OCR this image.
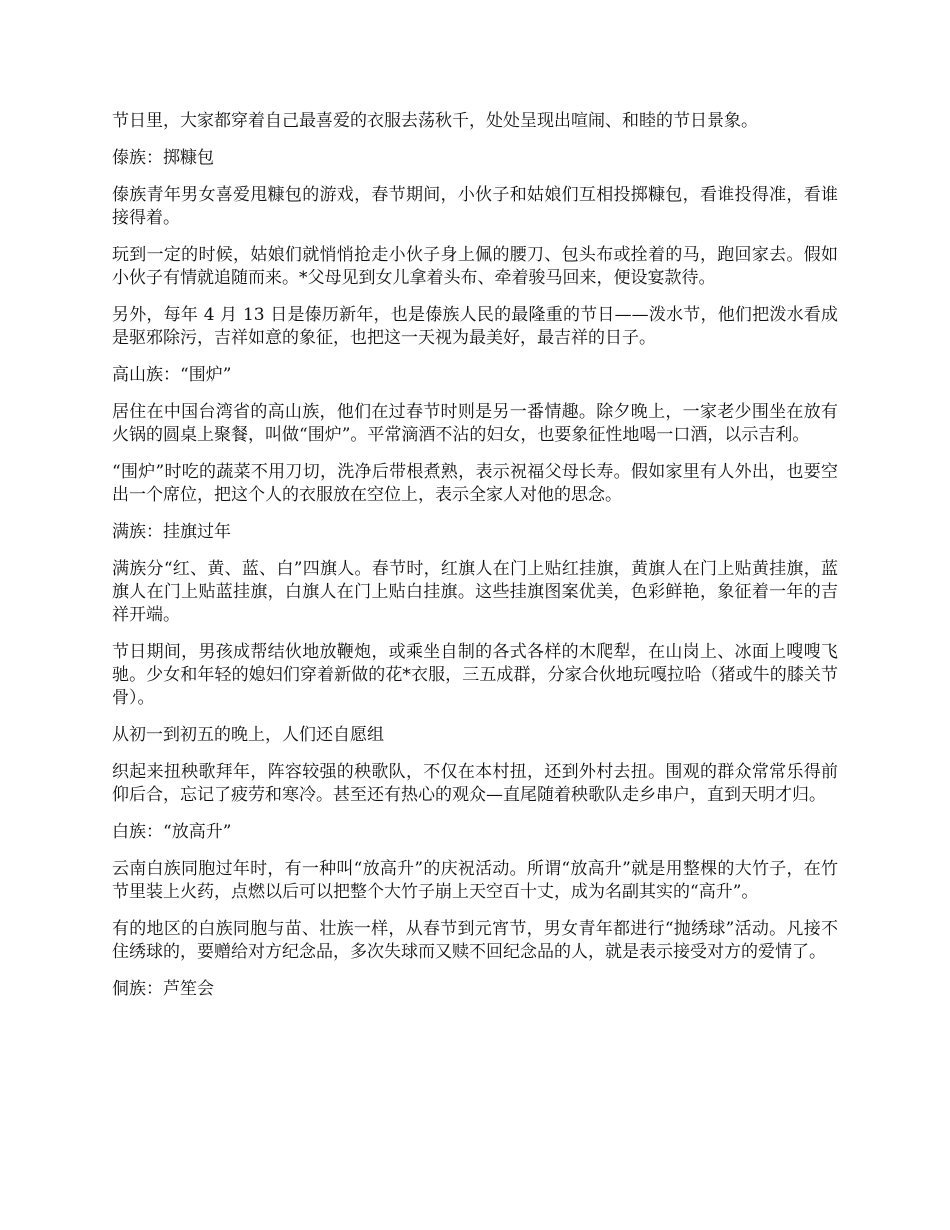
节日里，大家都穿着自己最喜爱的衣服去荡秋千，处处呈现出喧闹、和睦的节日景象。

傣族：掷糠包

傣族青年男女喜爱甩糠包的游戏，春节期间，小伙子和姑娘们互相投掷糠包，看谁投得准，看谁接得着。

玩到一定的时候，姑娘们就悄悄抢走小伙子身上佩的腰刀、包头布或拴着的马，跑回家去。假如小伙子有情就追随而来。*父母见到女儿拿着头布、牵着骏马回来，便设宴款待。

另外，每年 4 月 13 日是傣历新年，也是傣族人民的最隆重的节日——泼水节，他们把泼水看成是驱邪除污，吉祥如意的象征，也把这一天视为最美好，最吉祥的日子。

高山族：“围炉”

居住在中国台湾省的高山族，他们在过春节时则是另一番情趣。除夕晚上，一家老少围坐在放有火锅的圆桌上聚餐，叫做“围炉”。平常滴酒不沾的妇女，也要象征性地喝一口酒，以示吉利。

“围炉”时吃的蔬菜不用刀切，洗净后带根煮熟，表示祝福父母长寿。假如家里有人外出，也要空出一个席位，把这个人的衣服放在空位上，表示全家人对他的思念。

满族：挂旗过年

满族分“红、黄、蓝、白”四旗人。春节时，红旗人在门上贴红挂旗，黄旗人在门上贴黄挂旗，蓝旗人在门上贴蓝挂旗，白旗人在门上贴白挂旗。这些挂旗图案优美，色彩鲜艳，象征着一年的吉祥开端。

节日期间，男孩成帮结伙地放鞭炮，或乘坐自制的各式各样的木爬犁，在山岗上、冰面上嗖嗖飞驰。少女和年轻的媳妇们穿着新做的花*衣服，三五成群，分家合伙地玩嘎拉哈（猪或牛的膝关节骨）。

从初一到初五的晚上，人们还自愿组

织起来扭秧歌拜年，阵容较强的秧歌队，不仅在本村扭，还到外村去扭。围观的群众常常乐得前仰后合，忘记了疲劳和寒冷。甚至还有热心的观众—直尾随着秧歌队走乡串户，直到天明才归。

白族：“放高升”

云南白族同胞过年时，有一种叫“放高升”的庆祝活动。所谓“放高升”就是用整棵的大竹子，在竹节里装上火药，点燃以后可以把整个大竹子崩上天空百十丈，成为名副其实的“高升”。

有的地区的白族同胞与苗、壮族一样，从春节到元宵节，男女青年都进行“抛绣球”活动。凡接不住绣球的，要赠给对方纪念品，多次失球而又赎不回纪念品的人，就是表示接受对方的爱情了。

侗族：芦笙会
